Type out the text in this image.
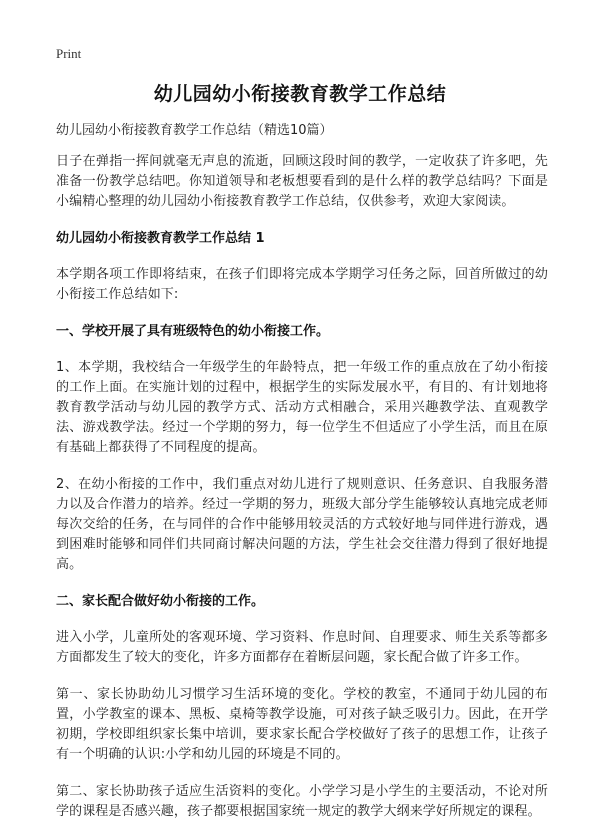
Print
幼儿园幼小衔接教育教学工作总结

幼儿园幼小衔接教育教学工作总结（精选10篇）

日子在弹指一挥间就毫无声息的流逝，回顾这段时间的教学，一定收获了许多吧，先准备一份教学总结吧。你知道领导和老板想要看到的是什么样的教学总结吗？下面是小编精心整理的幼儿园幼小衔接教育教学工作总结，仅供参考，欢迎大家阅读。

幼儿园幼小衔接教育教学工作总结 1

本学期各项工作即将结束，在孩子们即将完成本学期学习任务之际，回首所做过的幼小衔接工作总结如下:

一、学校开展了具有班级特色的幼小衔接工作。

1、本学期，我校结合一年级学生的年龄特点，把一年级工作的重点放在了幼小衔接的工作上面。在实施计划的过程中，根据学生的实际发展水平，有目的、有计划地将教育教学活动与幼儿园的教学方式、活动方式相融合，采用兴趣教学法、直观教学法、游戏教学法。经过一个学期的努力，每一位学生不但适应了小学生活，而且在原有基础上都获得了不同程度的提高。

2、在幼小衔接的工作中，我们重点对幼儿进行了规则意识、任务意识、自我服务潜力以及合作潜力的培养。经过一学期的努力，班级大部分学生能够较认真地完成老师每次交给的任务，在与同伴的合作中能够用较灵活的方式较好地与同伴进行游戏，遇到困难时能够和同伴们共同商讨解决问题的方法，学生社会交往潜力得到了很好地提高。

二、家长配合做好幼小衔接的工作。

进入小学，儿童所处的客观环境、学习资料、作息时间、自理要求、师生关系等都多方面都发生了较大的变化，许多方面都存在着断层问题，家长配合做了许多工作。

第一、家长协助幼儿习惯学习生活环境的变化。学校的教室，不通同于幼儿园的布置，小学教室的课本、黑板、桌椅等教学设施，可对孩子缺乏吸引力。因此，在开学初期，学校即组织家长集中培训，要求家长配合学校做好了孩子的思想工作，让孩子有一个明确的认识:小学和幼儿园的环境是不同的。

第二、家长协助孩子适应生活资料的变化。小学学习是小学生的主要活动，不论对所学的课程是否感兴趣，孩子都要根据国家统一规定的教学大纲来学好所规定的课程。
